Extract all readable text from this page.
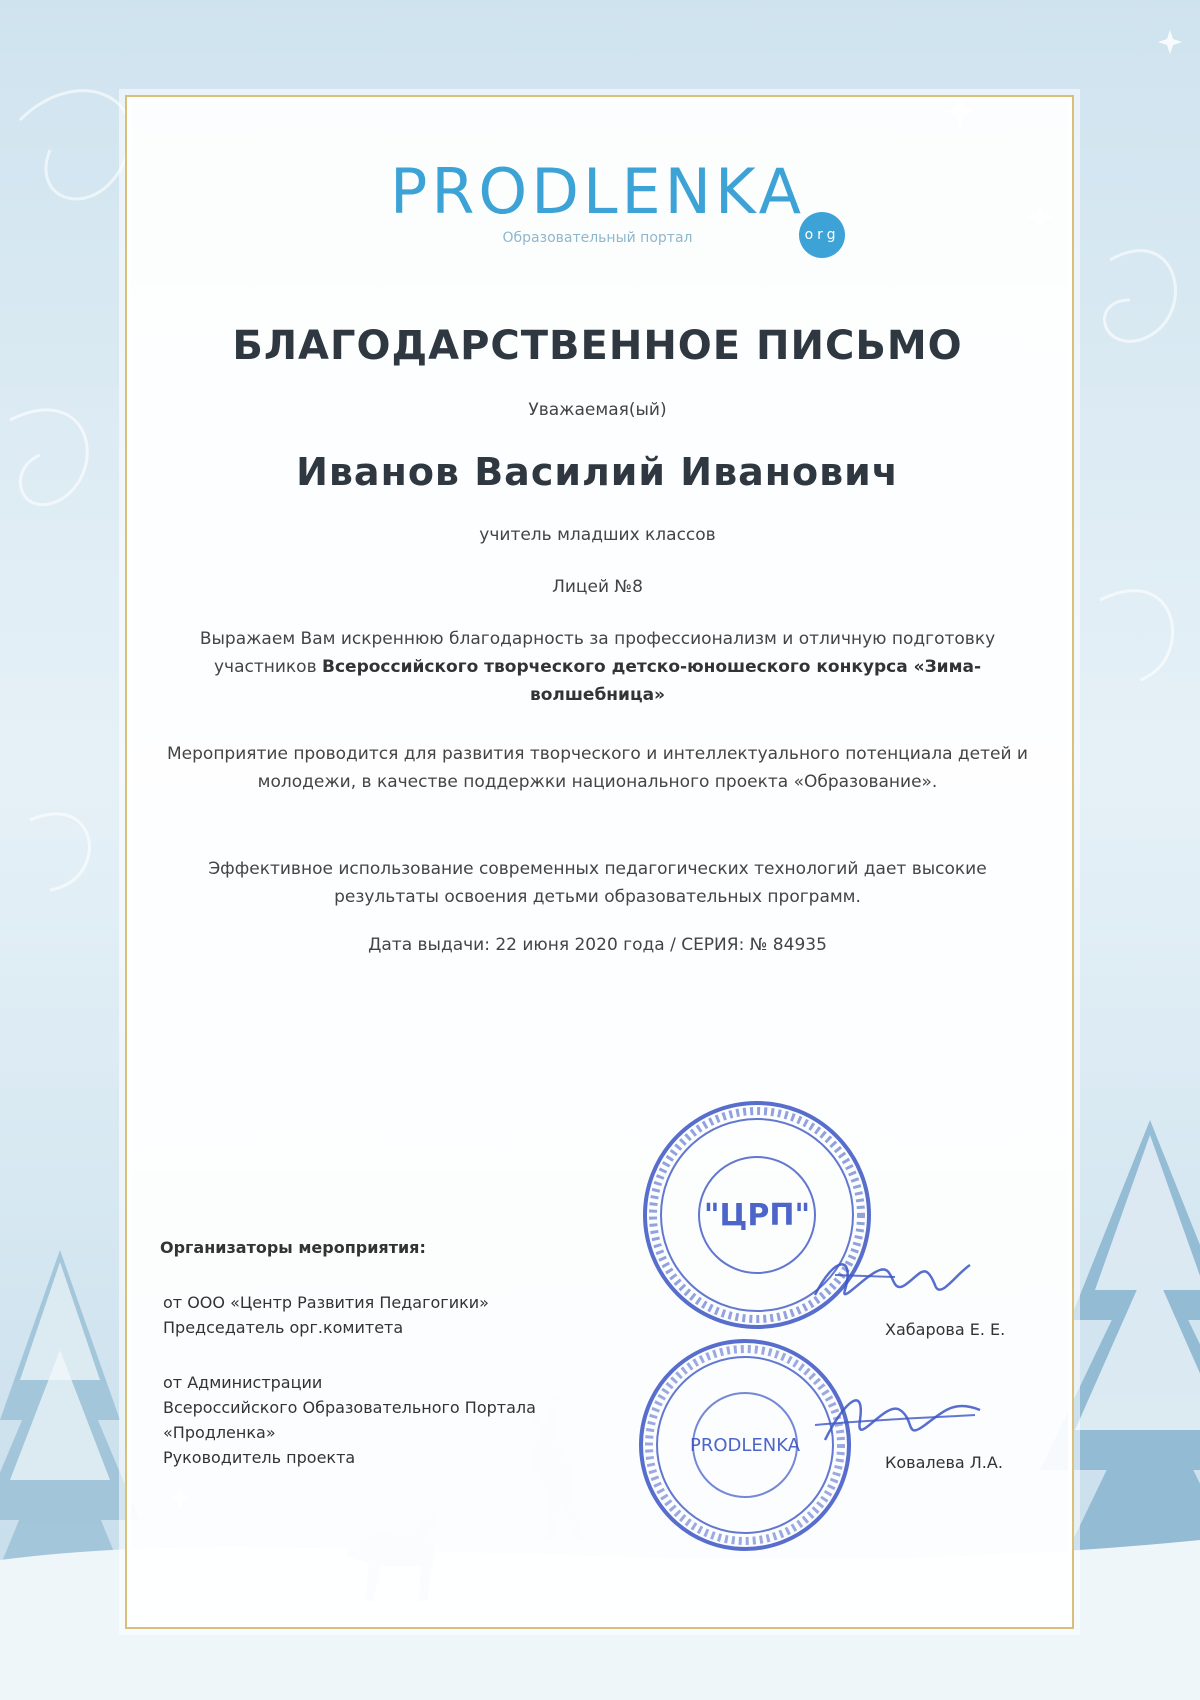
PRODLENKA
org
Образовательный портал
БЛАГОДАРСТВЕННОЕ ПИСЬМО
Уважаемая(ый)
Иванов Василий Иванович
учитель младших классов
Лицей №8
Выражаем Вам искреннюю благодарность за профессионализм и отличную подготовку участников Всероссийского творческого детско-юношеского конкурса «Зима-волшебница»
Мероприятие проводится для развития творческого и интеллектуального потенциала детей и молодежи, в качестве поддержки национального проекта «Образование».
Эффективное использование современных педагогических технологий дает высокие результаты освоения детьми образовательных программ.
Дата выдачи: 22 июня 2020 года / СЕРИЯ: № 84935
Организаторы мероприятия:
от ООО «Центр Развития Педагогики»
Председатель орг.комитета	Хабарова Е. Е.
от Администрации
Всероссийского Образовательного Портала
«Продленка»
Руководитель проекта	Ковалева Л.А.
"ЦРП"
PRODLENKA
